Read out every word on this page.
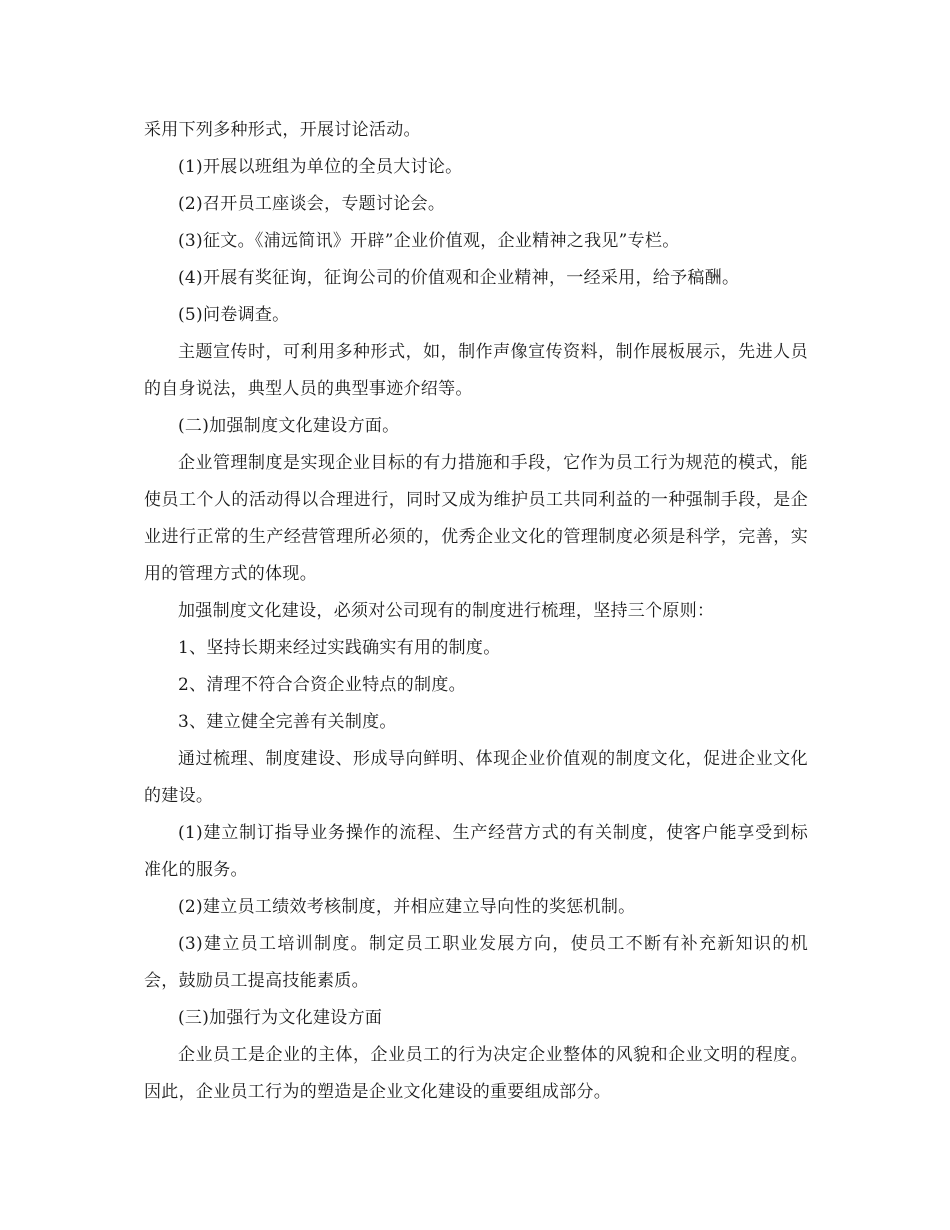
采用下列多种形式，开展讨论活动。

(1)开展以班组为单位的全员大讨论。

(2)召开员工座谈会，专题讨论会。

(3)征文。《浦远简讯》开辟”企业价值观，企业精神之我见”专栏。

(4)开展有奖征询，征询公司的价值观和企业精神，一经采用，给予稿酬。

(5)问卷调查。

主题宣传时，可利用多种形式，如，制作声像宣传资料，制作展板展示，先进人员的自身说法，典型人员的典型事迹介绍等。

(二)加强制度文化建设方面。

企业管理制度是实现企业目标的有力措施和手段，它作为员工行为规范的模式，能使员工个人的活动得以合理进行，同时又成为维护员工共同利益的一种强制手段，是企业进行正常的生产经营管理所必须的，优秀企业文化的管理制度必须是科学，完善，实用的管理方式的体现。

加强制度文化建设，必须对公司现有的制度进行梳理，坚持三个原则：

1、坚持长期来经过实践确实有用的制度。

2、清理不符合合资企业特点的制度。

3、建立健全完善有关制度。

通过梳理、制度建设、形成导向鲜明、体现企业价值观的制度文化，促进企业文化的建设。

(1)建立制订指导业务操作的流程、生产经营方式的有关制度，使客户能享受到标准化的服务。

(2)建立员工绩效考核制度，并相应建立导向性的奖惩机制。

(3)建立员工培训制度。制定员工职业发展方向，使员工不断有补充新知识的机会，鼓励员工提高技能素质。

(三)加强行为文化建设方面

企业员工是企业的主体，企业员工的行为决定企业整体的风貌和企业文明的程度。因此，企业员工行为的塑造是企业文化建设的重要组成部分。
